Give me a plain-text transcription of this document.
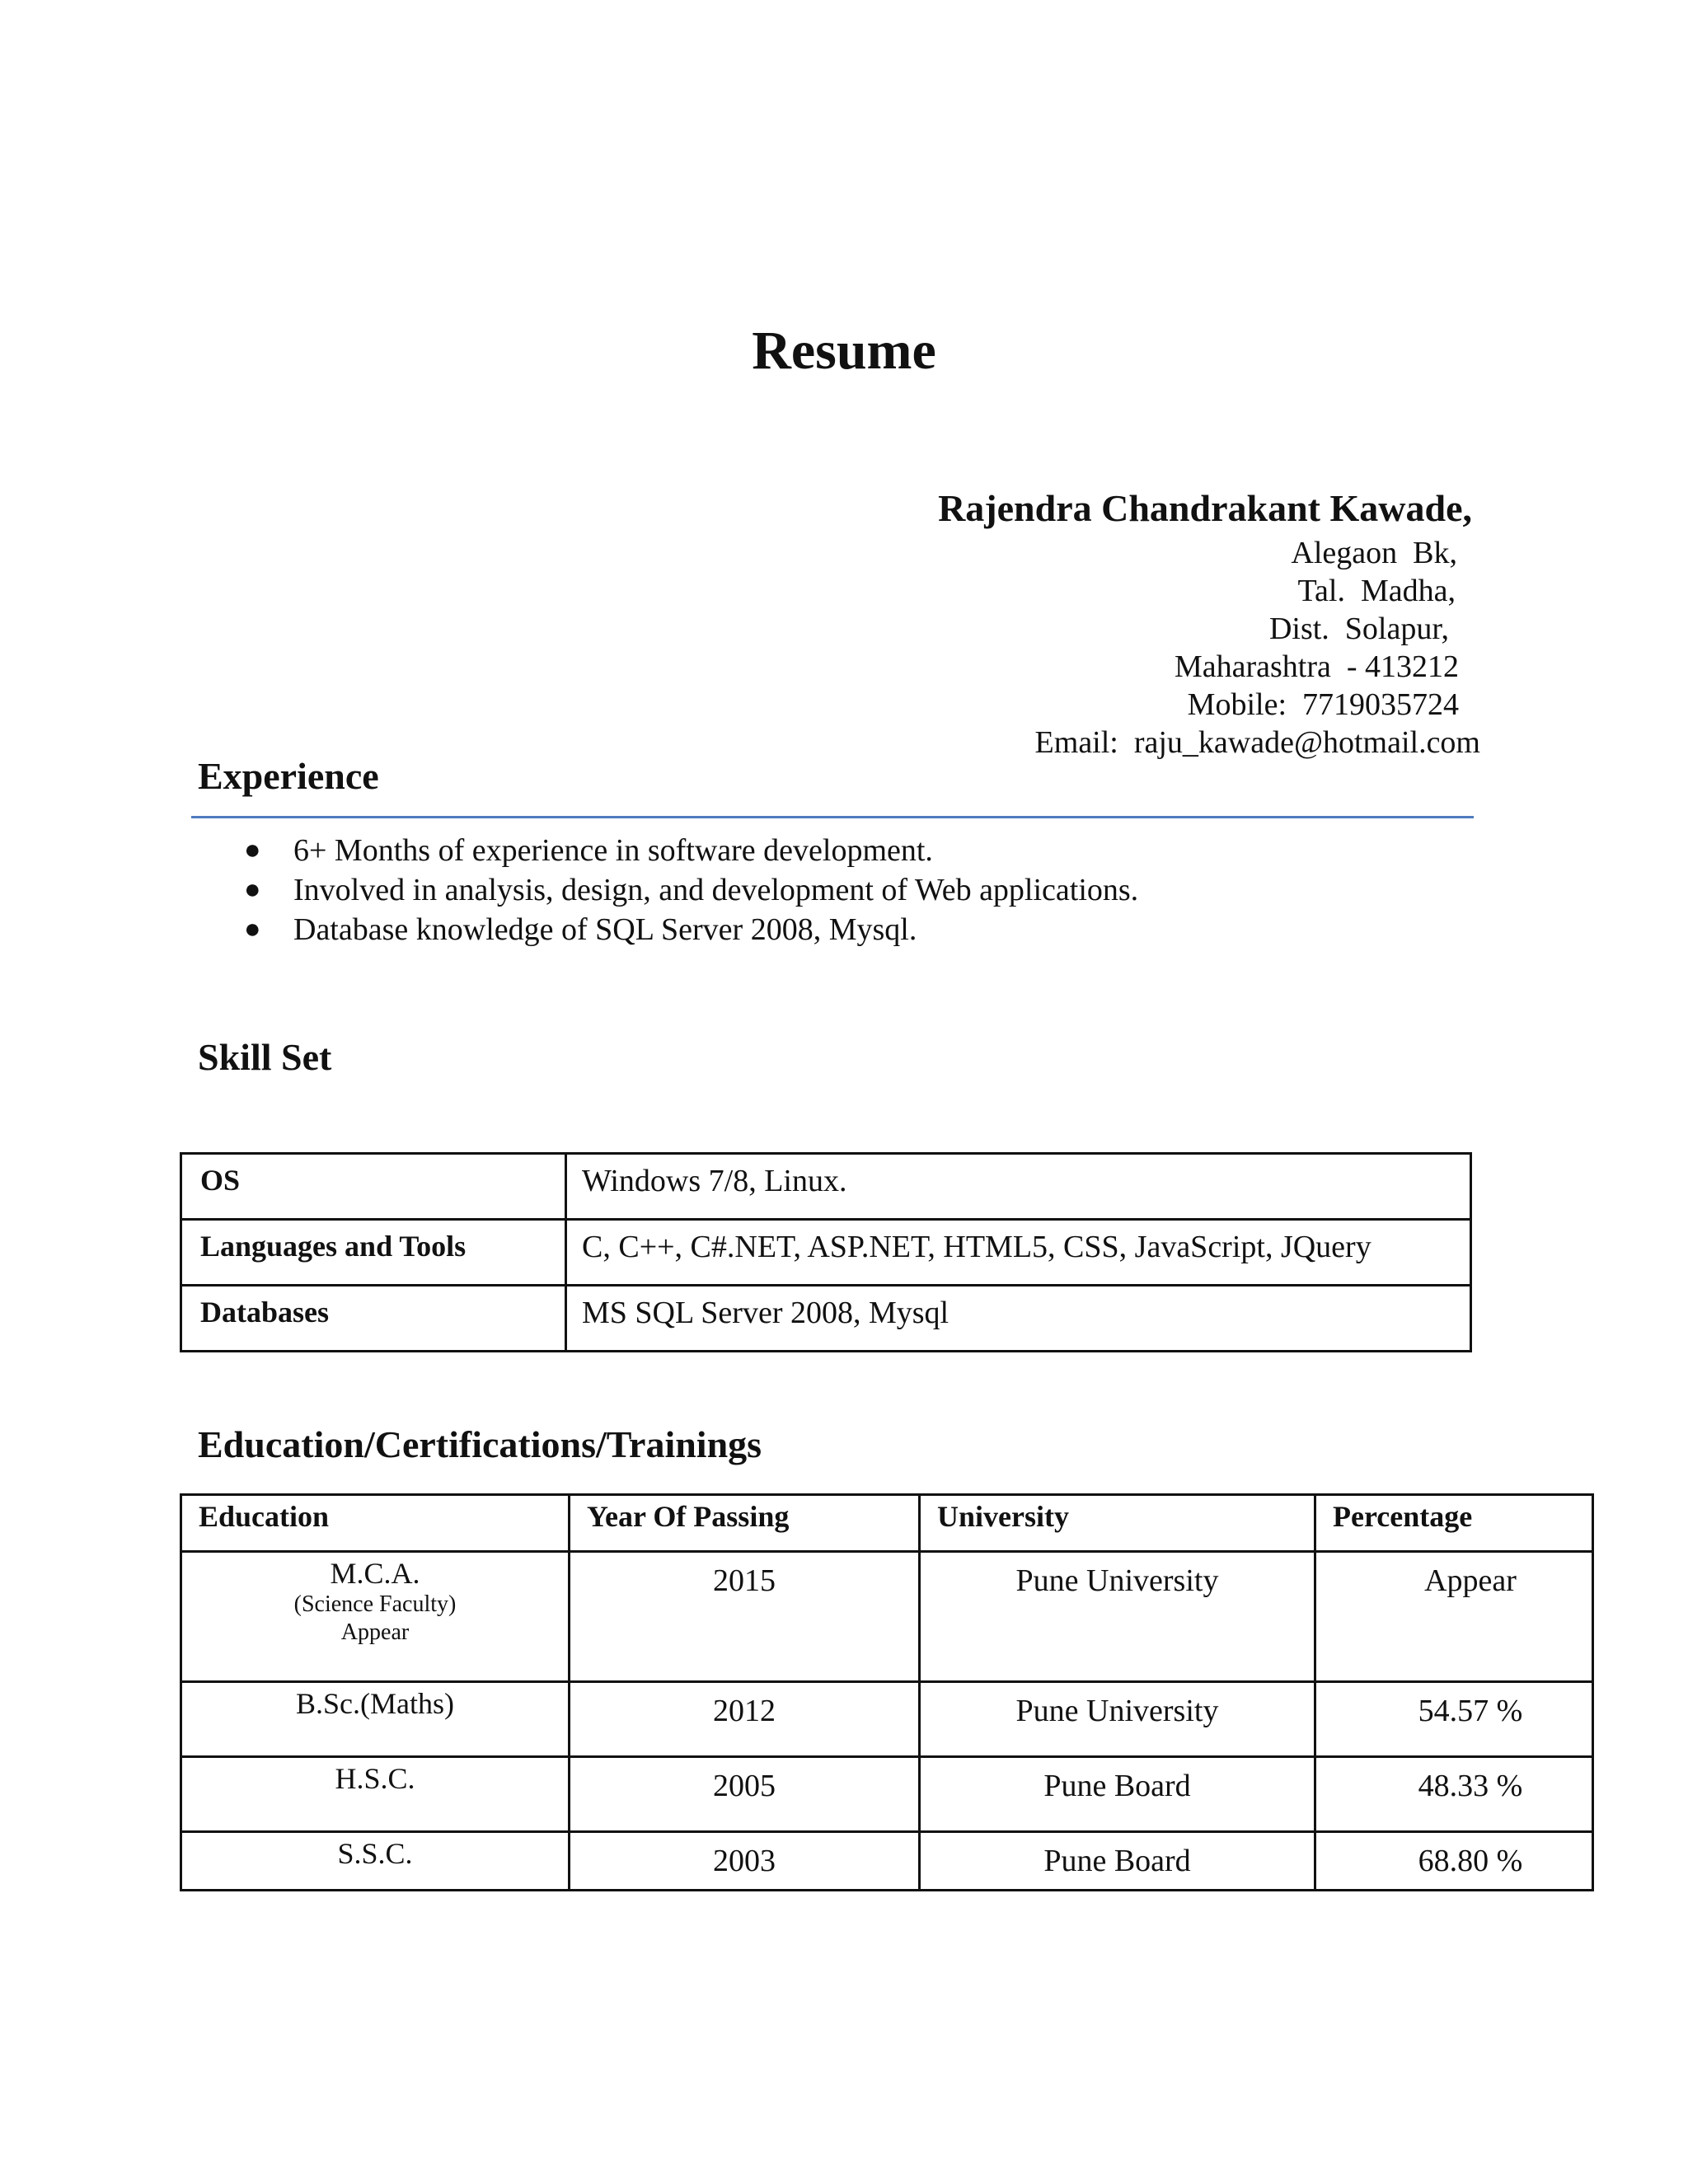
Resume
Rajendra Chandrakant Kawade,
Alegaon  Bk,
Tal.  Madha,
Dist.  Solapur,
Maharashtra  - 413212
Mobile:  7719035724
Email:  raju_kawade@hotmail.com
Experience
● 6+ Months of experience in software development.
● Involved in analysis, design, and development of Web applications.
● Database knowledge of SQL Server 2008, Mysql.
Skill Set
OS	Windows 7/8, Linux.
Languages and Tools	C, C++, C#.NET, ASP.NET, HTML5, CSS, JavaScript, JQuery
Databases	MS SQL Server 2008, Mysql
Education/Certifications/Trainings
Education	Year Of Passing	University	Percentage

M.C.A.
(Science Faculty)
Appear	2015	Pune University	Appear
B.Sc.(Maths)	2012	Pune University	54.57 %
H.S.C.	2005	Pune Board	48.33 %
S.S.C.	2003	Pune Board	68.80 %
